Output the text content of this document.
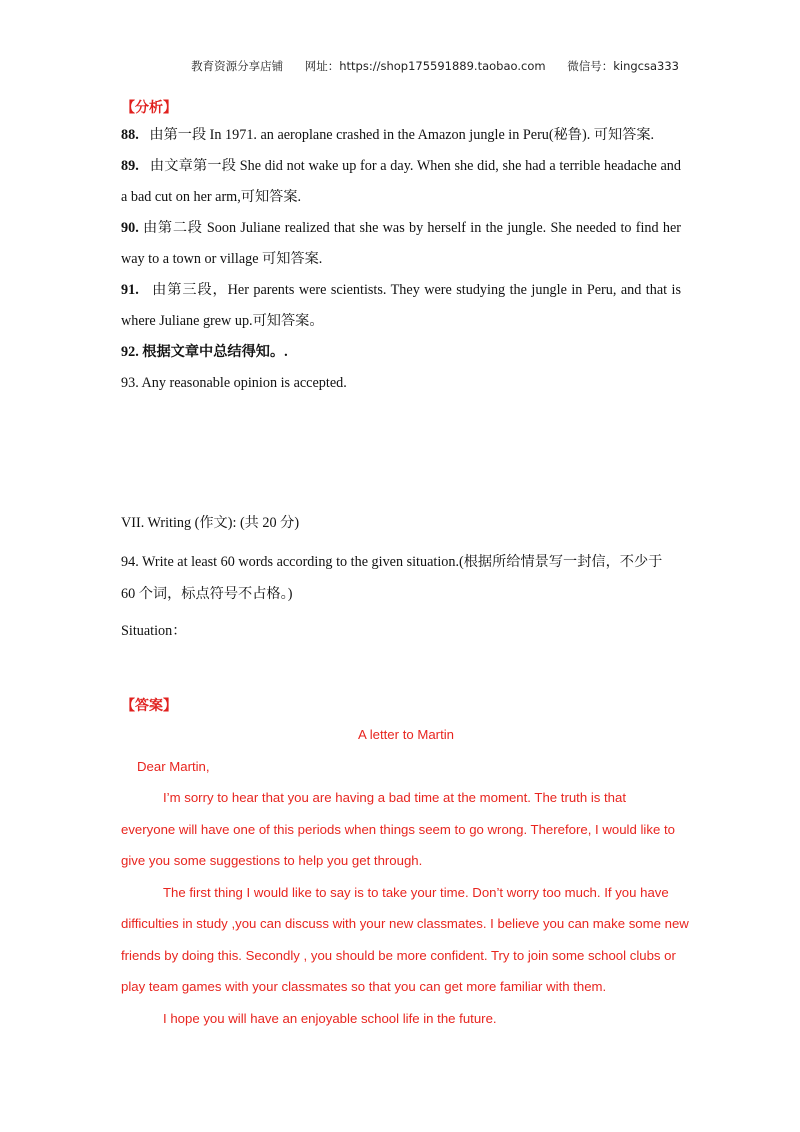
教育资源分享店铺 网址：https://shop175591889.taobao.com 微信号：kingcsa333
【分析】

88. 由第一段 In 1971. an aeroplane crashed in the Amazon jungle in Peru(秘鲁). 可知答案.

89. 由文章第一段 She did not wake up for a day. When she did, she had a terrible headache and a bad cut on her arm,可知答案.

90. 由第二段 Soon Juliane realized that she was by herself in the jungle. She needed to find her way to a town or village 可知答案.

91. 由第三段，Her parents were scientists. They were studying the jungle in Peru, and that is where Juliane grew up.可知答案。

92. 根据文章中总结得知。.

93. Any reasonable opinion is accepted.

VII. Writing (作文): (共 20 分)
94. Write at least 60 words according to the given situation.(根据所给情景写一封信，不少于
60 个词，标点符号不占格。)
Situation：
【答案】

A letter to Martin

Dear Martin,

I’m sorry to hear that you are having a bad time at the moment. The truth is that

everyone will have one of this periods when things seem to go wrong. Therefore, I would like to

give you some suggestions to help you get through.

The first thing I would like to say is to take your time. Don’t worry too much. If you have

difficulties in study ,you can discuss with your new classmates. I believe you can make some new

friends by doing this. Secondly , you should be more confident. Try to join some school clubs or

play team games with your classmates so that you can get more familiar with them.

I hope you will have an enjoyable school life in the future.
